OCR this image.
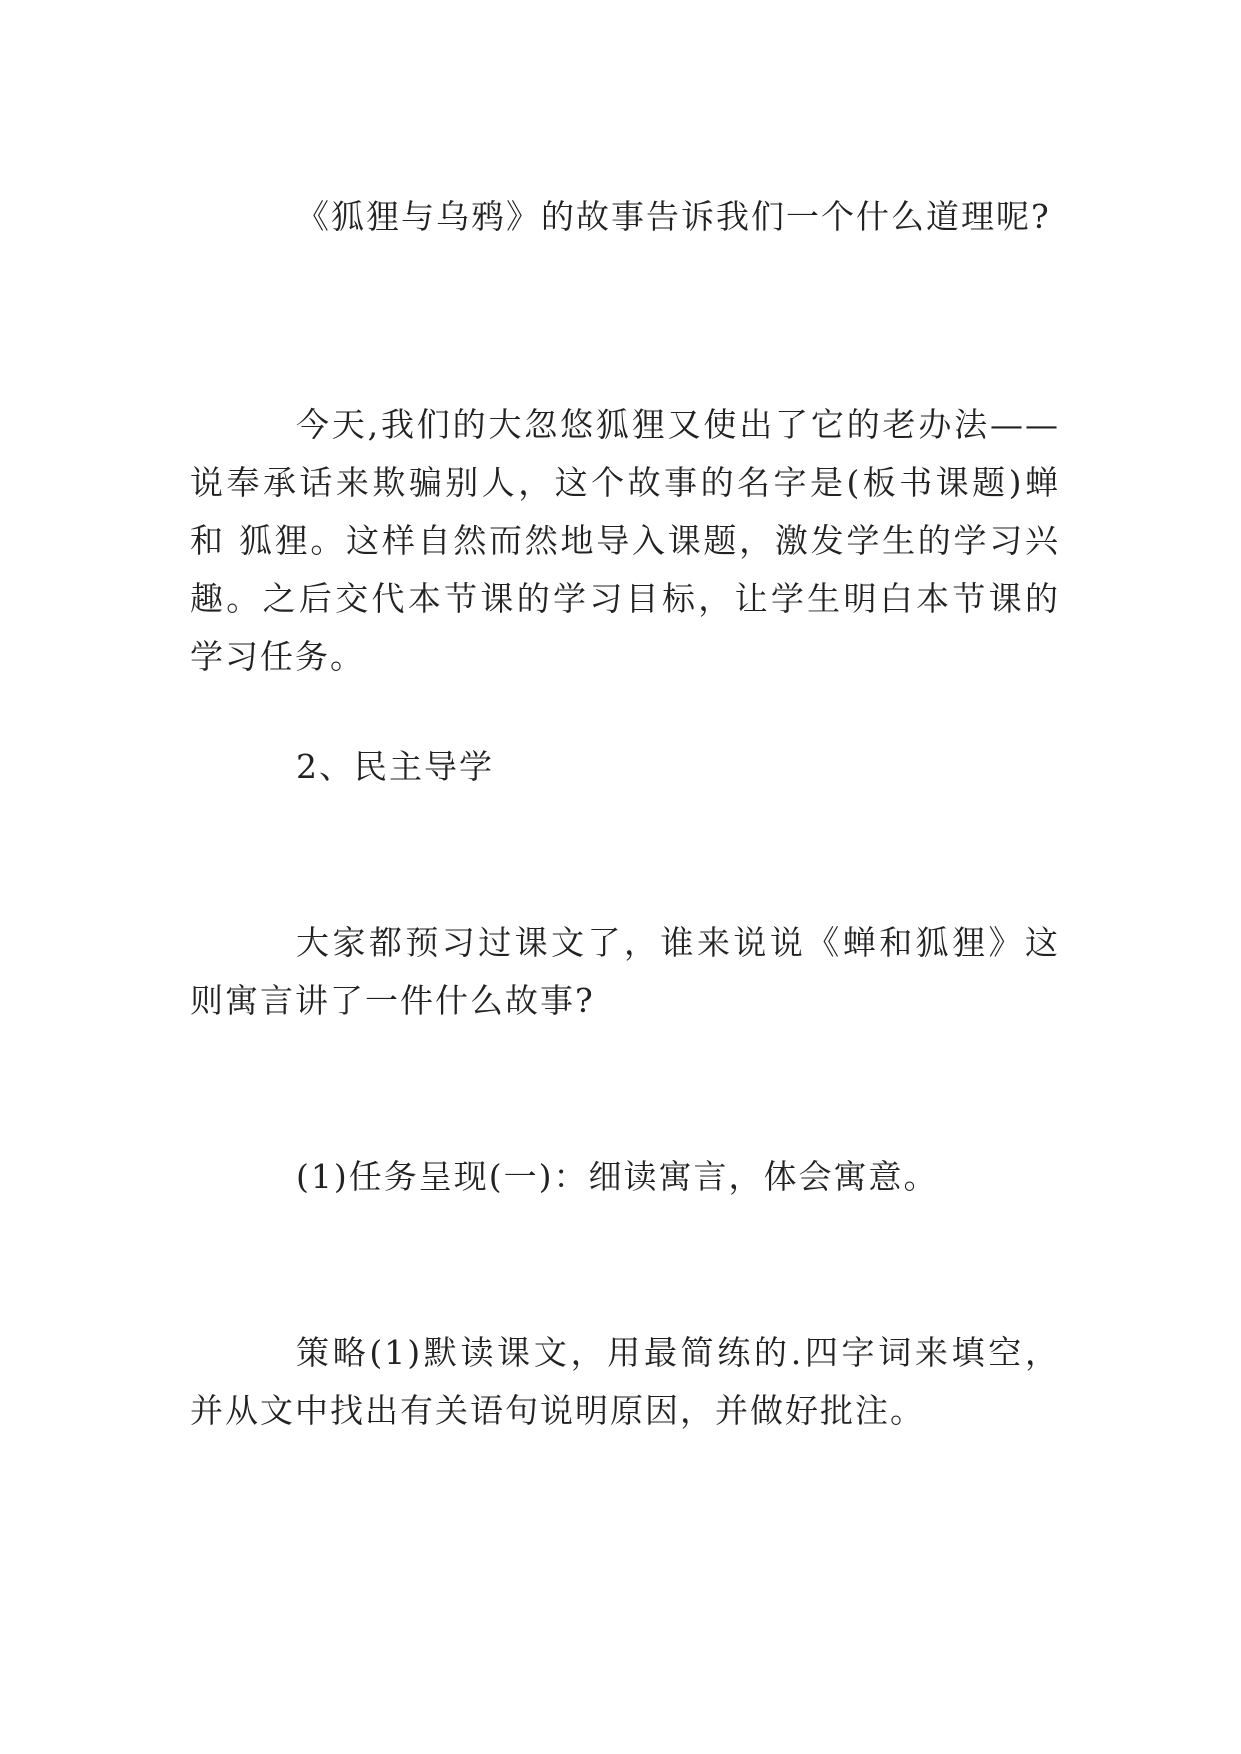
《狐狸与乌鸦》的故事告诉我们一个什么道理呢?

今天,我们的大忽悠狐狸又使出了它的老办法——说奉承话来欺骗别人，这个故事的名字是(板书课题)蝉 和 狐狸。这样自然而然地导入课题，激发学生的学习兴趣。之后交代本节课的学习目标，让学生明白本节课的学习任务。

2、民主导学

大家都预习过课文了，谁来说说《蝉和狐狸》这则寓言讲了一件什么故事?

(1)任务呈现(一)：细读寓言，体会寓意。

策略(1)默读课文，用最简练的.四字词来填空，并从文中找出有关语句说明原因，并做好批注。
